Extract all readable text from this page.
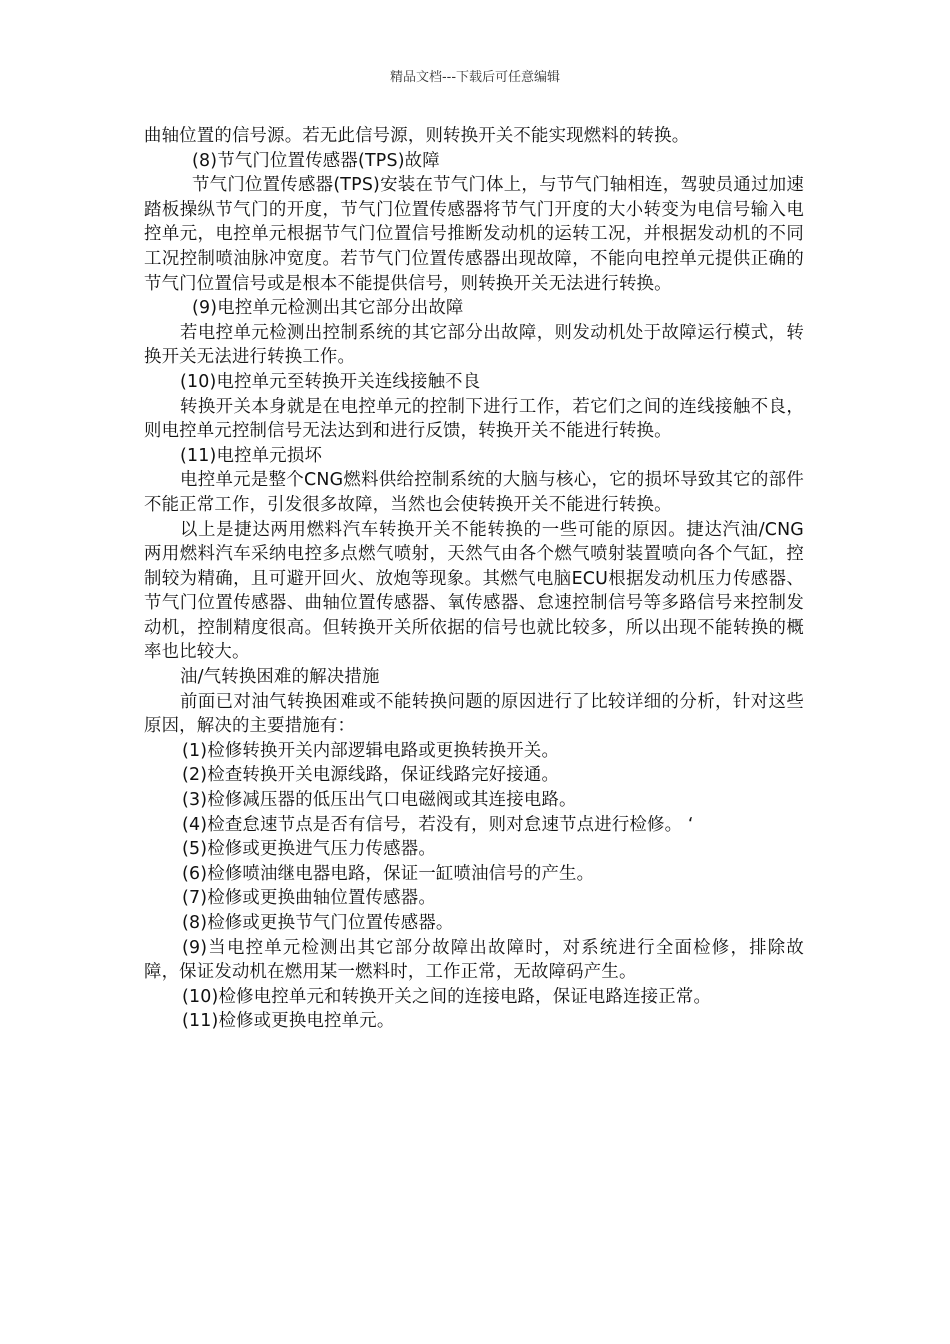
精品文档---下载后可任意编辑

曲轴位置的信号源。若无此信号源，则转换开关不能实现燃料的转换。

(8)节气门位置传感器(TPS)故障

节气门位置传感器(TPS)安装在节气门体上，与节气门轴相连，驾驶员通过加速踏板操纵节气门的开度，节气门位置传感器将节气门开度的大小转变为电信号输入电控单元，电控单元根据节气门位置信号推断发动机的运转工况，并根据发动机的不同工况控制喷油脉冲宽度。若节气门位置传感器出现故障，不能向电控单元提供正确的节气门位置信号或是根本不能提供信号，则转换开关无法进行转换。

(9)电控单元检测出其它部分出故障

若电控单元检测出控制系统的其它部分出故障，则发动机处于故障运行模式，转换开关无法进行转换工作。

(10)电控单元至转换开关连线接触不良

转换开关本身就是在电控单元的控制下进行工作，若它们之间的连线接触不良，则电控单元控制信号无法达到和进行反馈，转换开关不能进行转换。

(11)电控单元损坏

电控单元是整个CNG燃料供给控制系统的大脑与核心，它的损坏导致其它的部件不能正常工作，引发很多故障，当然也会使转换开关不能进行转换。

以上是捷达两用燃料汽车转换开关不能转换的一些可能的原因。捷达汽油/CNG两用燃料汽车采纳电控多点燃气喷射，天然气由各个燃气喷射装置喷向各个气缸，控制较为精确，且可避开回火、放炮等现象。其燃气电脑ECU根据发动机压力传感器、节气门位置传感器、曲轴位置传感器、氧传感器、怠速控制信号等多路信号来控制发动机，控制精度很高。但转换开关所依据的信号也就比较多，所以出现不能转换的概率也比较大。

油/气转换困难的解决措施

前面已对油气转换困难或不能转换问题的原因进行了比较详细的分析，针对这些原因，解决的主要措施有：

(1)检修转换开关内部逻辑电路或更换转换开关。

(2)检查转换开关电源线路，保证线路完好接通。

(3)检修减压器的低压出气口电磁阀或其连接电路。

(4)检查怠速节点是否有信号，若没有，则对怠速节点进行检修。 ‘

(5)检修或更换进气压力传感器。

(6)检修喷油继电器电路，保证一缸喷油信号的产生。

(7)检修或更换曲轴位置传感器。

(8)检修或更换节气门位置传感器。

(9)当电控单元检测出其它部分故障出故障时，对系统进行全面检修，排除故障，保证发动机在燃用某一燃料时，工作正常，无故障码产生。

(10)检修电控单元和转换开关之间的连接电路，保证电路连接正常。

(11)检修或更换电控单元。
